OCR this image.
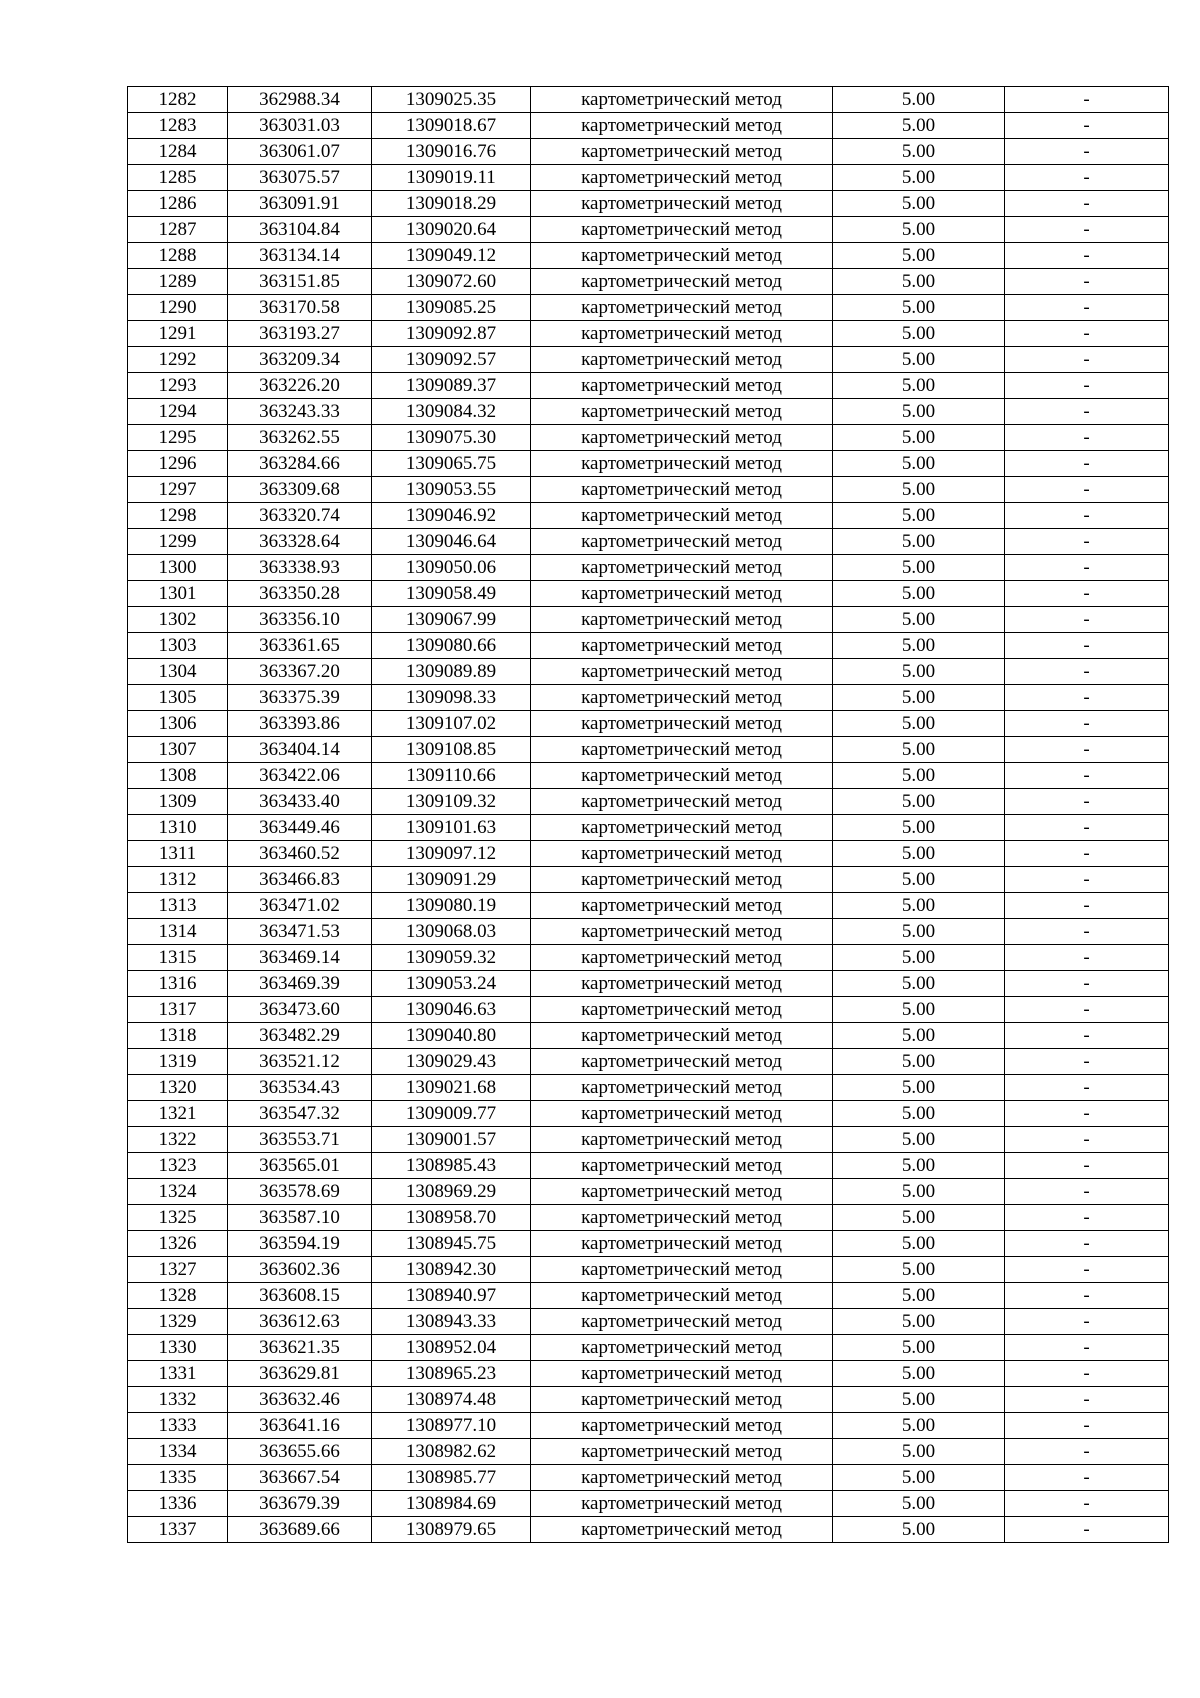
1282	362988.34	1309025.35	картометрический метод	5.00	-
1283	363031.03	1309018.67	картометрический метод	5.00	-
1284	363061.07	1309016.76	картометрический метод	5.00	-
1285	363075.57	1309019.11	картометрический метод	5.00	-
1286	363091.91	1309018.29	картометрический метод	5.00	-
1287	363104.84	1309020.64	картометрический метод	5.00	-
1288	363134.14	1309049.12	картометрический метод	5.00	-
1289	363151.85	1309072.60	картометрический метод	5.00	-
1290	363170.58	1309085.25	картометрический метод	5.00	-
1291	363193.27	1309092.87	картометрический метод	5.00	-
1292	363209.34	1309092.57	картометрический метод	5.00	-
1293	363226.20	1309089.37	картометрический метод	5.00	-
1294	363243.33	1309084.32	картометрический метод	5.00	-
1295	363262.55	1309075.30	картометрический метод	5.00	-
1296	363284.66	1309065.75	картометрический метод	5.00	-
1297	363309.68	1309053.55	картометрический метод	5.00	-
1298	363320.74	1309046.92	картометрический метод	5.00	-
1299	363328.64	1309046.64	картометрический метод	5.00	-
1300	363338.93	1309050.06	картометрический метод	5.00	-
1301	363350.28	1309058.49	картометрический метод	5.00	-
1302	363356.10	1309067.99	картометрический метод	5.00	-
1303	363361.65	1309080.66	картометрический метод	5.00	-
1304	363367.20	1309089.89	картометрический метод	5.00	-
1305	363375.39	1309098.33	картометрический метод	5.00	-
1306	363393.86	1309107.02	картометрический метод	5.00	-
1307	363404.14	1309108.85	картометрический метод	5.00	-
1308	363422.06	1309110.66	картометрический метод	5.00	-
1309	363433.40	1309109.32	картометрический метод	5.00	-
1310	363449.46	1309101.63	картометрический метод	5.00	-
1311	363460.52	1309097.12	картометрический метод	5.00	-
1312	363466.83	1309091.29	картометрический метод	5.00	-
1313	363471.02	1309080.19	картометрический метод	5.00	-
1314	363471.53	1309068.03	картометрический метод	5.00	-
1315	363469.14	1309059.32	картометрический метод	5.00	-
1316	363469.39	1309053.24	картометрический метод	5.00	-
1317	363473.60	1309046.63	картометрический метод	5.00	-
1318	363482.29	1309040.80	картометрический метод	5.00	-
1319	363521.12	1309029.43	картометрический метод	5.00	-
1320	363534.43	1309021.68	картометрический метод	5.00	-
1321	363547.32	1309009.77	картометрический метод	5.00	-
1322	363553.71	1309001.57	картометрический метод	5.00	-
1323	363565.01	1308985.43	картометрический метод	5.00	-
1324	363578.69	1308969.29	картометрический метод	5.00	-
1325	363587.10	1308958.70	картометрический метод	5.00	-
1326	363594.19	1308945.75	картометрический метод	5.00	-
1327	363602.36	1308942.30	картометрический метод	5.00	-
1328	363608.15	1308940.97	картометрический метод	5.00	-
1329	363612.63	1308943.33	картометрический метод	5.00	-
1330	363621.35	1308952.04	картометрический метод	5.00	-
1331	363629.81	1308965.23	картометрический метод	5.00	-
1332	363632.46	1308974.48	картометрический метод	5.00	-
1333	363641.16	1308977.10	картометрический метод	5.00	-
1334	363655.66	1308982.62	картометрический метод	5.00	-
1335	363667.54	1308985.77	картометрический метод	5.00	-
1336	363679.39	1308984.69	картометрический метод	5.00	-
1337	363689.66	1308979.65	картометрический метод	5.00	-
